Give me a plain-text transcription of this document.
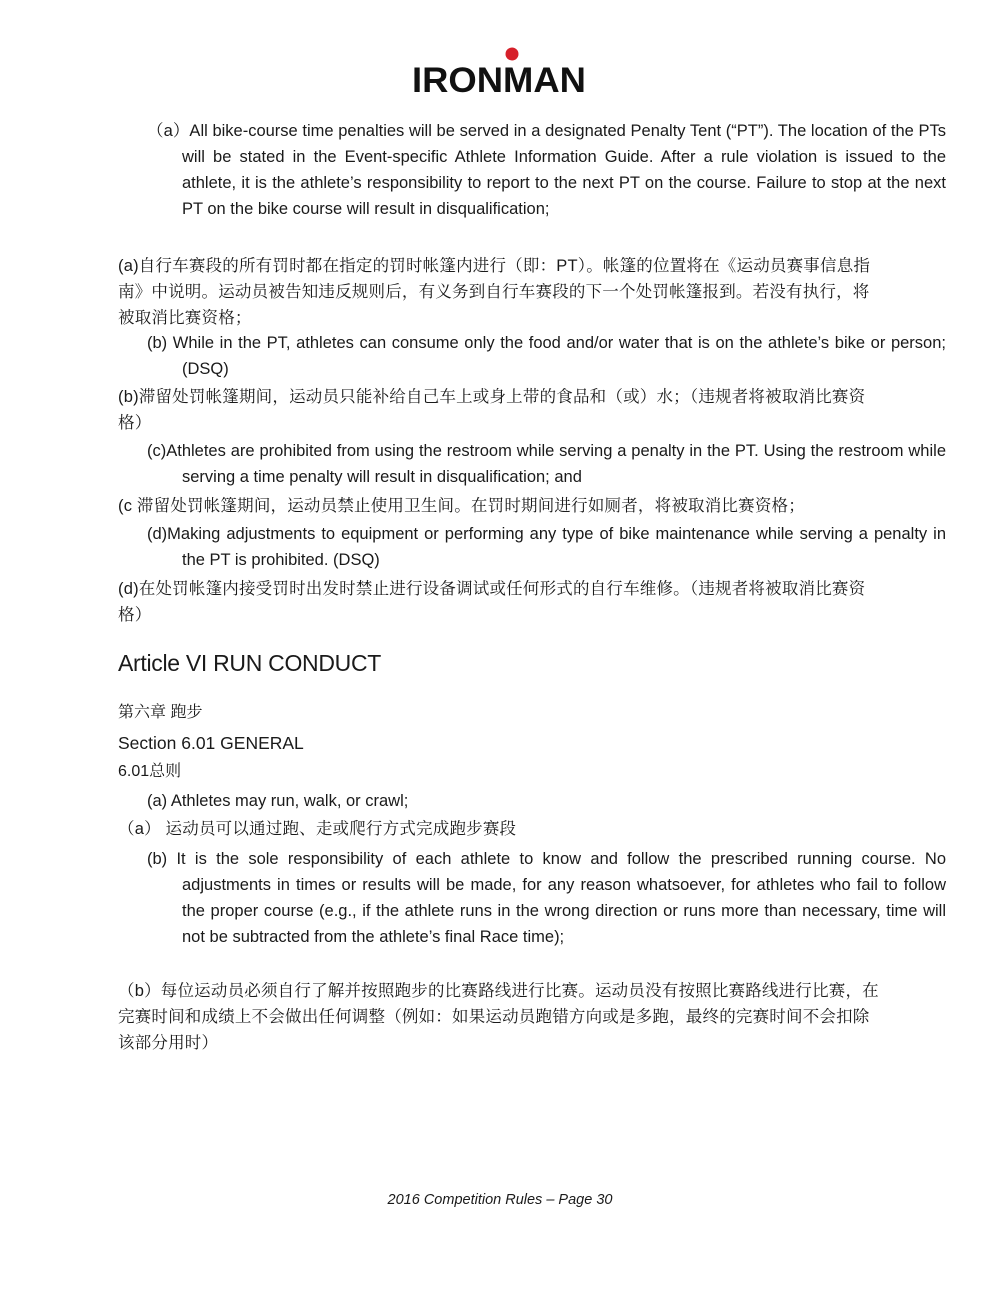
IRONMAN
（a）All bike-course time penalties will be served in a designated Penalty Tent (“PT”). The location of the PTs will be stated in the Event-specific Athlete Information Guide. After a rule violation is issued to the athlete, it is the athlete’s responsibility to report to the next PT on the course. Failure to stop at the next PT on the bike course will result in disqualification;
(a)自行车赛段的所有罚时都在指定的罚时帐篷内进行（即：PT）。帐篷的位置将在《运动员赛事信息指南》中说明。运动员被告知违反规则后，有义务到自行车赛段的下一个处罚帐篷报到。若没有执行，将被取消比赛资格；
(b) While in the PT, athletes can consume only the food and/or water that is on the athlete’s bike or person; (DSQ)
(b)滞留处罚帐篷期间，运动员只能补给自己车上或身上带的食品和（或）水；（违规者将被取消比赛资格）
(c)Athletes are prohibited from using the restroom while serving a penalty in the PT. Using the restroom while serving a time penalty will result in disqualification; and
(c 滞留处罚帐篷期间，运动员禁止使用卫生间。在罚时期间进行如厕者，将被取消比赛资格；
(d)Making adjustments to equipment or performing any type of bike maintenance while serving a penalty in the PT is prohibited. (DSQ)
(d)在处罚帐篷内接受罚时出发时禁止进行设备调试或任何形式的自行车维修。（违规者将被取消比赛资格）
Article VI RUN CONDUCT
第六章 跑步
Section 6.01 GENERAL
6.01总则
(a) Athletes may run, walk, or crawl;
（a） 运动员可以通过跑、走或爬行方式完成跑步赛段
(b) It is the sole responsibility of each athlete to know and follow the prescribed running course. No adjustments in times or results will be made, for any reason whatsoever, for athletes who fail to follow the proper course (e.g., if the athlete runs in the wrong direction or runs more than necessary, time will not be subtracted from the athlete’s final Race time);
（b）每位运动员必须自行了解并按照跑步的比赛路线进行比赛。运动员没有按照比赛路线进行比赛，在完赛时间和成绩上不会做出任何调整（例如：如果运动员跑错方向或是多跑，最终的完赛时间不会扣除该部分用时）
2016 Competition Rules – Page 30
